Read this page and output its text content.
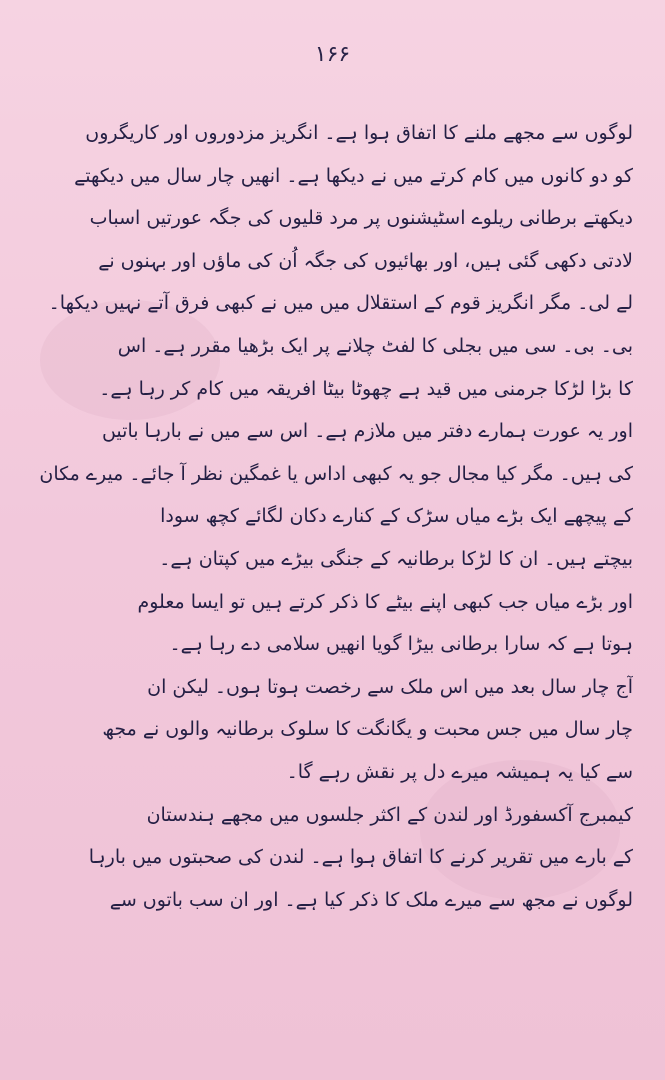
۱۶۶
لوگوں سے مجھے ملنے کا اتفاق ہوا ہے۔ انگریز مزدوروں اور کاریگروں
کو دو کانوں میں کام کرتے میں نے دیکھا ہے۔ انھیں چار سال میں دیکھتے
دیکھتے برطانی ریلوے اسٹیشنوں پر مرد قلیوں کی جگہ عورتیں اسباب
لادتی دکھی گئی ہیں، اور بھائیوں کی جگہ اُن کی ماؤں اور بہنوں نے
لے لی۔ مگر انگریز قوم کے استقلال میں میں نے کبھی فرق آتے نہیں دیکھا۔
بی۔ بی۔ سی میں بجلی کا لفٹ چلانے پر ایک بڑھیا مقرر ہے۔ اس
کا بڑا لڑکا جرمنی میں قید ہے چھوٹا بیٹا افریقہ میں کام کر رہا ہے۔
اور یہ عورت ہمارے دفتر میں ملازم ہے۔ اس سے میں نے بارہا باتیں
کی ہیں۔ مگر کیا مجال جو یہ کبھی اداس یا غمگین نظر آ جائے۔ میرے مکان
کے پیچھے ایک بڑے میاں سڑک کے کنارے دکان لگائے کچھ سودا
بیچتے ہیں۔ ان کا لڑکا برطانیہ کے جنگی بیڑے میں کپتان ہے۔
اور بڑے میاں جب کبھی اپنے بیٹے کا ذکر کرتے ہیں تو ایسا معلوم
ہوتا ہے کہ سارا برطانی بیڑا گویا انھیں سلامی دے رہا ہے۔
آج چار سال بعد میں اس ملک سے رخصت ہوتا ہوں۔ لیکن ان
چار سال میں جس محبت و یگانگت کا سلوک برطانیہ والوں نے مجھ
سے کیا یہ ہمیشہ میرے دل پر نقش رہے گا۔
کیمبرج آکسفورڈ اور لندن کے اکثر جلسوں میں مجھے ہندستان
کے بارے میں تقریر کرنے کا اتفاق ہوا ہے۔ لندن کی صحبتوں میں بارہا
لوگوں نے مجھ سے میرے ملک کا ذکر کیا ہے۔ اور ان سب باتوں سے
